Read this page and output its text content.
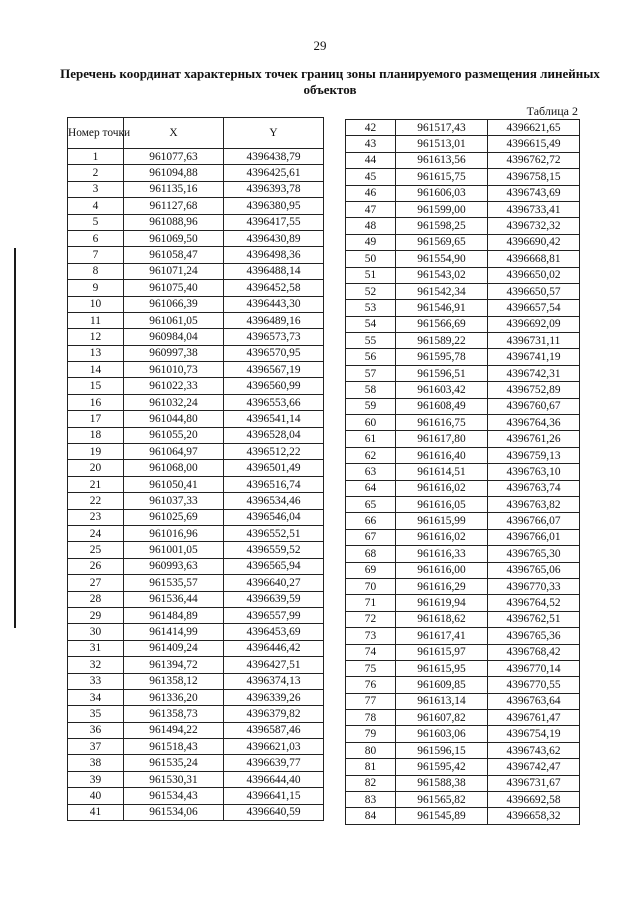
29
Перечень координат характерных точек границ зоны планируемого размещения линейных объектов
Таблица 2
Номер точки	X	Y
1	961077,63	4396438,79
2	961094,88	4396425,61
3	961135,16	4396393,78
4	961127,68	4396380,95
5	961088,96	4396417,55
6	961069,50	4396430,89
7	961058,47	4396498,36
8	961071,24	4396488,14
9	961075,40	4396452,58
10	961066,39	4396443,30
11	961061,05	4396489,16
12	960984,04	4396573,73
13	960997,38	4396570,95
14	961010,73	4396567,19
15	961022,33	4396560,99
16	961032,24	4396553,66
17	961044,80	4396541,14
18	961055,20	4396528,04
19	961064,97	4396512,22
20	961068,00	4396501,49
21	961050,41	4396516,74
22	961037,33	4396534,46
23	961025,69	4396546,04
24	961016,96	4396552,51
25	961001,05	4396559,52
26	960993,63	4396565,94
27	961535,57	4396640,27
28	961536,44	4396639,59
29	961484,89	4396557,99
30	961414,99	4396453,69
31	961409,24	4396446,42
32	961394,72	4396427,51
33	961358,12	4396374,13
34	961336,20	4396339,26
35	961358,73	4396379,82
36	961494,22	4396587,46
37	961518,43	4396621,03
38	961535,24	4396639,77
39	961530,31	4396644,40
40	961534,43	4396641,15
41	961534,06	4396640,59
42	961517,43	4396621,65
43	961513,01	4396615,49
44	961613,56	4396762,72
45	961615,75	4396758,15
46	961606,03	4396743,69
47	961599,00	4396733,41
48	961598,25	4396732,32
49	961569,65	4396690,42
50	961554,90	4396668,81
51	961543,02	4396650,02
52	961542,34	4396650,57
53	961546,91	4396657,54
54	961566,69	4396692,09
55	961589,22	4396731,11
56	961595,78	4396741,19
57	961596,51	4396742,31
58	961603,42	4396752,89
59	961608,49	4396760,67
60	961616,75	4396764,36
61	961617,80	4396761,26
62	961616,40	4396759,13
63	961614,51	4396763,10
64	961616,02	4396763,74
65	961616,05	4396763,82
66	961615,99	4396766,07
67	961616,02	4396766,01
68	961616,33	4396765,30
69	961616,00	4396765,06
70	961616,29	4396770,33
71	961619,94	4396764,52
72	961618,62	4396762,51
73	961617,41	4396765,36
74	961615,97	4396768,42
75	961615,95	4396770,14
76	961609,85	4396770,55
77	961613,14	4396763,64
78	961607,82	4396761,47
79	961603,06	4396754,19
80	961596,15	4396743,62
81	961595,42	4396742,47
82	961588,38	4396731,67
83	961565,82	4396692,58
84	961545,89	4396658,32
